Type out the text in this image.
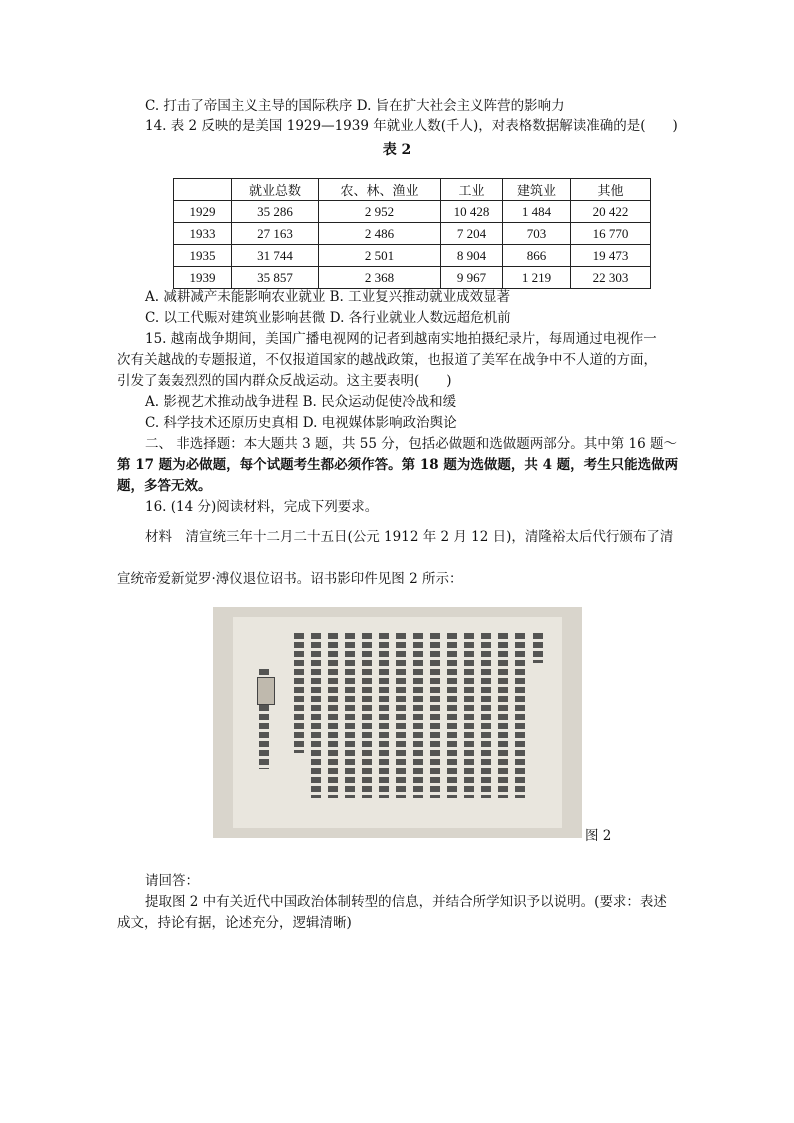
C. 打击了帝国主义主导的国际秩序 D. 旨在扩大社会主义阵营的影响力
14. 表 2 反映的是美国 1929—1939 年就业人数(千人)，对表格数据解读准确的是(　　)
表 2
	就业总数	农、林、渔业	工业	建筑业	其他
1929	35 286	2 952	10 428	1 484	20 422
1933	27 163	2 486	7 204	703	16 770
1935	31 744	2 501	8 904	866	19 473
1939	35 857	2 368	9 967	1 219	22 303
A. 减耕减产未能影响农业就业 B. 工业复兴推动就业成效显著
C. 以工代赈对建筑业影响甚微 D. 各行业就业人数远超危机前
15. 越南战争期间，美国广播电视网的记者到越南实地拍摄纪录片，每周通过电视作一
次有关越战的专题报道，不仅报道国家的越战政策，也报道了美军在战争中不人道的方面，
引发了轰轰烈烈的国内群众反战运动。这主要表明(　　)
A. 影视艺术推动战争进程 B. 民众运动促使冷战和缓
C. 科学技术还原历史真相 D. 电视媒体影响政治舆论
二、 非选择题：本大题共 3 题，共 55 分，包括必做题和选做题两部分。其中第 16 题～
第 17 题为必做题，每个试题考生都必须作答。第 18 题为选做题，共 4 题，考生只能选做两
题，多答无效。
16. (14 分)阅读材料，完成下列要求。
材料　清宣统三年十二月二十五日(公元 1912 年 2 月 12 日)，清隆裕太后代行颁布了清
宣统帝爱新觉罗·溥仪退位诏书。诏书影印件见图 2 所示：
图 2
请回答：
提取图 2 中有关近代中国政治体制转型的信息，并结合所学知识予以说明。(要求：表述
成文，持论有据，论述充分，逻辑清晰)
